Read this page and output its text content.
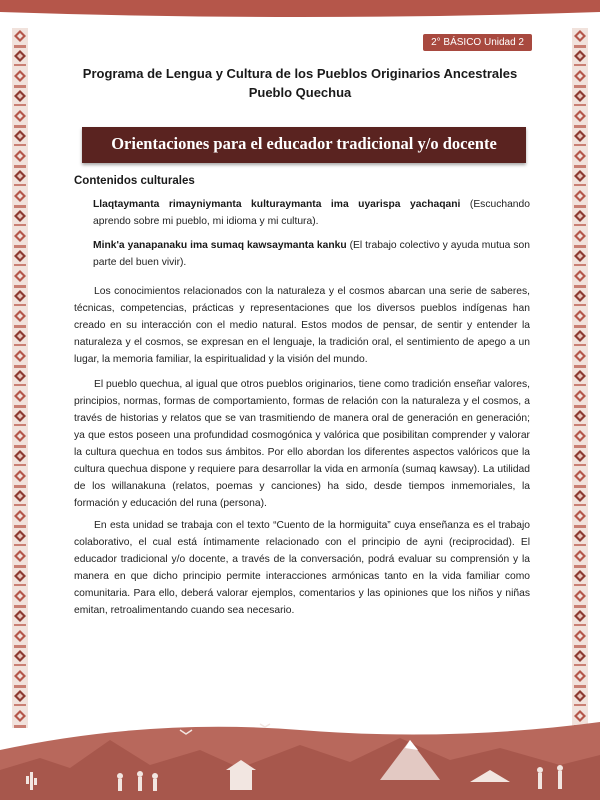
2° BÁSICO Unidad 2
Programa de Lengua y Cultura de los Pueblos Originarios Ancestrales
Pueblo Quechua
Orientaciones para el educador tradicional y/o docente
Contenidos culturales
Llaqtaymanta rimayniymanta kulturaymanta ima uyarispa yachaqani (Escuchando aprendo sobre mi pueblo, mi idioma y mi cultura).
Mink'a yanapanaku ima sumaq kawsaymanta kanku (El trabajo colectivo y ayuda mutua son parte del buen vivir).

Los conocimientos relacionados con la naturaleza y el cosmos abarcan una serie de saberes, técnicas, competencias, prácticas y representaciones que los diversos pueblos indígenas han creado en su interacción con el medio natural. Estos modos de pensar, de sentir y entender la naturaleza y el cosmos, se expresan en el lenguaje, la tradición oral, el sentimiento de apego a un lugar, la memoria familiar, la espiritualidad y la visión del mundo.

El pueblo quechua, al igual que otros pueblos originarios, tiene como tradición enseñar valores, principios, normas, formas de comportamiento, formas de relación con la naturaleza y el cosmos, a través de historias y relatos que se van trasmitiendo de manera oral de generación en generación; ya que estos poseen una profundidad cosmogónica y valórica que posibilitan comprender y valorar la cultura quechua en todos sus ámbitos. Por ello abordan los diferentes aspectos valóricos que la cultura quechua dispone y requiere para desarrollar la vida en armonía (sumaq kawsay). La utilidad de los willanakuna (relatos, poemas y canciones) ha sido, desde tiempos inmemoriales, la formación y educación del runa (persona).

En esta unidad se trabaja con el texto “Cuento de la hormiguita” cuya enseñanza es el trabajo colaborativo, el cual está íntimamente relacionado con el principio de ayni (reciprocidad). El educador tradicional y/o docente, a través de la conversación, podrá evaluar su comprensión y la manera en que dicho principio permite interacciones armónicas tanto en la vida familiar como comunitaria. Para ello, deberá valorar ejemplos, comentarios y las opiniones que los niños y niñas emitan, retroalimentando cuando sea necesario.
